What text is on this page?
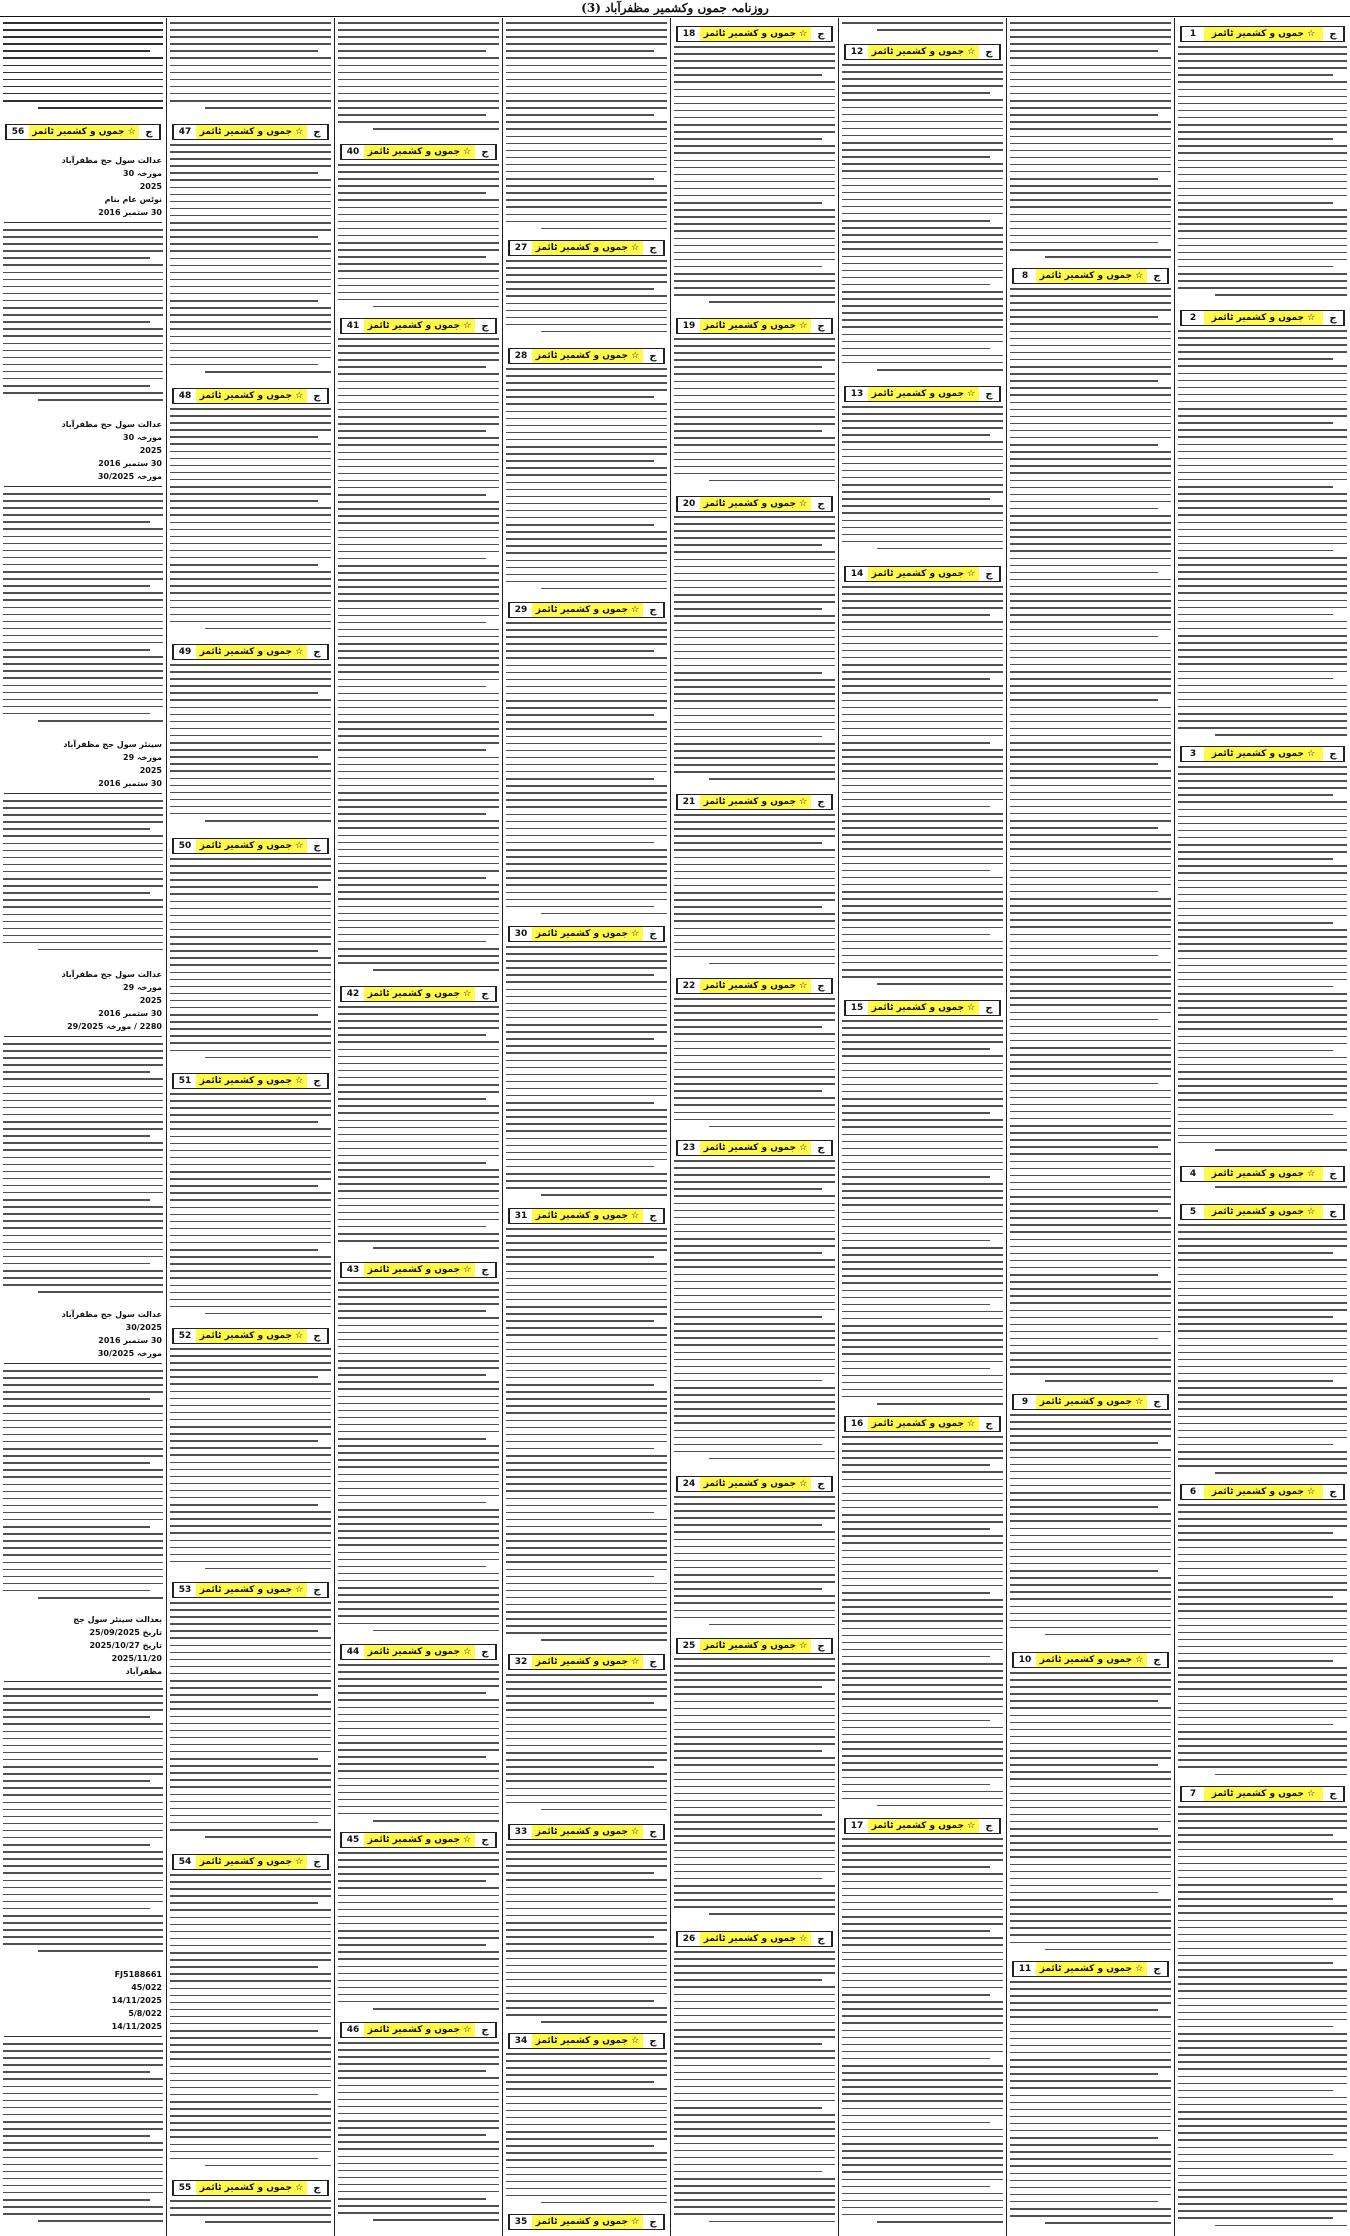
روزنامہ جموں وکشمیر مظفرآباد (3)
1	☆ جموں و کشمیر ٹائمز	ج
2	☆ جموں و کشمیر ٹائمز	ج
3	☆ جموں و کشمیر ٹائمز	ج
4	☆ جموں و کشمیر ٹائمز	ج
5	☆ جموں و کشمیر ٹائمز	ج
6	☆ جموں و کشمیر ٹائمز	ج
7	☆ جموں و کشمیر ٹائمز	ج
8	☆ جموں و کشمیر ٹائمز	ج
9	☆ جموں و کشمیر ٹائمز	ج
10 ☆ جموں و کشمیر ٹائمز	ج
11 ☆ جموں و کشمیر ٹائمز	ج
12 ☆ جموں و کشمیر ٹائمز	ج
13 ☆ جموں و کشمیر ٹائمز	ج
14 ☆ جموں و کشمیر ٹائمز	ج
15 ☆ جموں و کشمیر ٹائمز	ج
16 ☆ جموں و کشمیر ٹائمز	ج
17 ☆ جموں و کشمیر ٹائمز	ج
18 ☆ جموں و کشمیر ٹائمز	ج
19 ☆ جموں و کشمیر ٹائمز	ج
20 ☆ جموں و کشمیر ٹائمز	ج
21 ☆ جموں و کشمیر ٹائمز	ج
22 ☆ جموں و کشمیر ٹائمز	ج
23 ☆ جموں و کشمیر ٹائمز	ج
24 ☆ جموں و کشمیر ٹائمز	ج
25 ☆ جموں و کشمیر ٹائمز	ج
26 ☆ جموں و کشمیر ٹائمز	ج
27 ☆ جموں و کشمیر ٹائمز	ج
28 ☆ جموں و کشمیر ٹائمز	ج
29 ☆ جموں و کشمیر ٹائمز	ج
30 ☆ جموں و کشمیر ٹائمز	ج
31 ☆ جموں و کشمیر ٹائمز	ج
32 ☆ جموں و کشمیر ٹائمز	ج
33 ☆ جموں و کشمیر ٹائمز	ج
34 ☆ جموں و کشمیر ٹائمز	ج
35 ☆ جموں و کشمیر ٹائمز	ج
40 ☆ جموں و کشمیر ٹائمز	ج
41 ☆ جموں و کشمیر ٹائمز	ج
42 ☆ جموں و کشمیر ٹائمز	ج
43 ☆ جموں و کشمیر ٹائمز	ج
44 ☆ جموں و کشمیر ٹائمز	ج
45 ☆ جموں و کشمیر ٹائمز	ج
46 ☆ جموں و کشمیر ٹائمز	ج
47 ☆ جموں و کشمیر ٹائمز	ج
48 ☆ جموں و کشمیر ٹائمز	ج
49 ☆ جموں و کشمیر ٹائمز	ج
50 ☆ جموں و کشمیر ٹائمز	ج
51 ☆ جموں و کشمیر ٹائمز	ج
52 ☆ جموں و کشمیر ٹائمز	ج
53 ☆ جموں و کشمیر ٹائمز	ج
54 ☆ جموں و کشمیر ٹائمز	ج
55 ☆ جموں و کشمیر ٹائمز	ج
56 ☆ جموں و کشمیر ٹائمز ج
عدالت سول جج مظفرآباد
مورخہ 30
2025
نوٹس عام بنام
30 ستمبر 2016
عدالت سول جج مظفرآباد
مورخہ 30
2025
30 ستمبر 2016
مورخہ 30/2025
سینئر سول جج مظفرآباد
مورخہ 29
2025
30 ستمبر 2016
عدالت سول جج مظفرآباد
مورخہ 29
2025
30 ستمبر 2016
2280 / مورخہ 29/2025
عدالت سول جج مظفرآباد
30/2025
30 ستمبر 2016
مورخہ 30/2025
بعدالت سینئر سول جج
تاریخ 25/09/2025
تاریخ 2025/10/27
2025/11/20
مظفرآباد
FJ5188661
45/022
14/11/2025
5/8/022
14/11/2025
